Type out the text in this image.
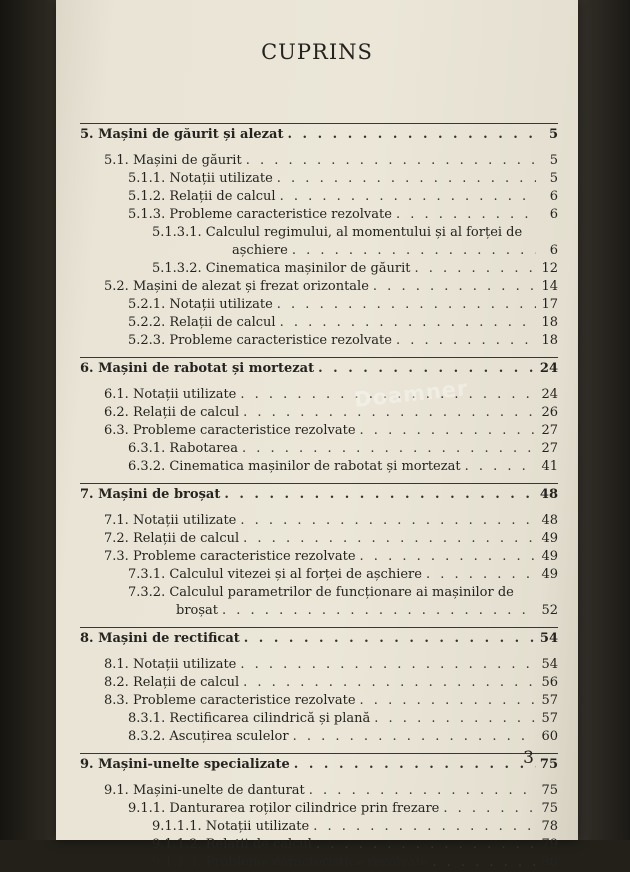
CUPRINS
5. Mașini de găurit și alezat . . .	5
5.1. Mașini de găurit . . .	5
5.1.1. Notații utilizate . . .	5
5.1.2. Relații de calcul . . .	6
5.1.3. Probleme caracteristice rezolvate . . .	6
5.1.3.1. Calculul regimului, al momentului și al forței de
așchiere . . .	6
5.1.3.2. Cinematica mașinilor de găurit . . .	12
5.2. Mașini de alezat și frezat orizontale . . .	14
5.2.1. Notații utilizate . . .	17
5.2.2. Relații de calcul . . .	18
5.2.3. Probleme caracteristice rezolvate . . .	18
6. Mașini de rabotat și mortezat . . .	24
6.1. Notații utilizate . . .	24
6.2. Relații de calcul . . .	26
6.3. Probleme caracteristice rezolvate . . .	27
6.3.1. Rabotarea . . .	27
6.3.2. Cinematica mașinilor de rabotat și mortezat . . .	41
7. Mașini de broșat . . .	48
7.1. Notații utilizate . . .	48
7.2. Relații de calcul . . .	49
7.3. Probleme caracteristice rezolvate . . .	49
7.3.1. Calculul vitezei și al forței de așchiere . . .	49
7.3.2. Calculul parametrilor de funcționare ai mașinilor de
broșat . . .	52
8. Mașini de rectificat . . .	54
8.1. Notații utilizate . . .	54
8.2. Relații de calcul . . .	56
8.3. Probleme caracteristice rezolvate . . .	57
8.3.1. Rectificarea cilindrică și plană . . .	57
8.3.2. Ascuțirea sculelor . . .	60
9. Mașini-unelte specializate . . .	75
9.1. Mașini-unelte de danturat . . .	75
9.1.1. Danturarea roților cilindrice prin frezare . . .	75
9.1.1.1. Notații utilizate . . .	78
9.1.1.2. Relații de calcul . . .	79
9.1.1.3. Probleme caracteristice rezolvate . . .	80
Doamner
3
